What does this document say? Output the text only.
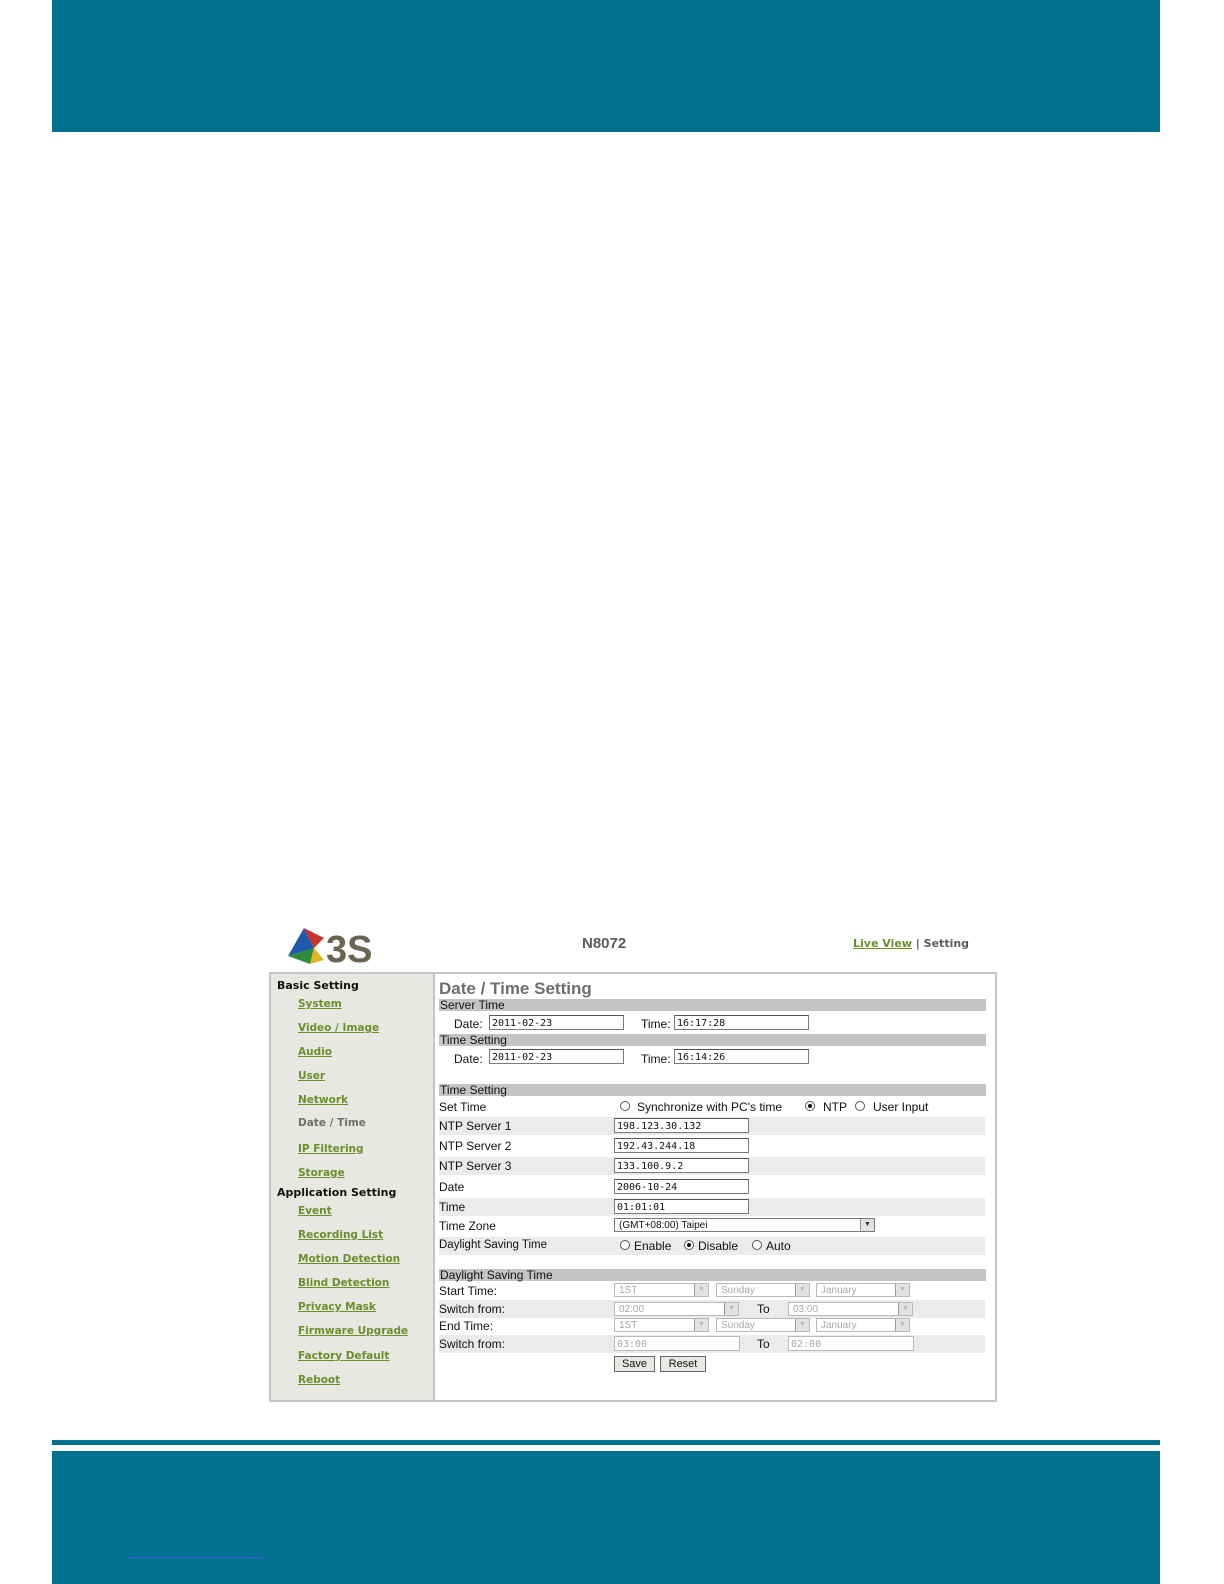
3S	N8072	Live View | Setting
Basic Setting
System
Video / Image
Audio
User
Network
Date / Time
IP Filtering
Storage
Application Setting
Event
Recording List
Motion Detection
Blind Detection
Privacy Mask
Firmware Upgrade
Factory Default
Reboot
Date / Time Setting
Server Time
Date: 2011-02-23	Time: 16:17:28
Time Setting
Date: 2011-02-23	Time: 16:14:26
Time Setting
Set Time	Synchronize with PC's time	NTP User Input
NTP Server 1	198.123.30.132
NTP Server 2	192.43.244.18
NTP Server 3	133.100.9.2
Date	2006-10-24
Time	01:01:01
Time Zone	(GMT+08:00) Taipei	▼
Daylight Saving Time	Enable Disable Auto
Daylight Saving Time
Start Time:	1ST	▼	Sunday	▼	January	▼
Switch from:	02:00	▼ To	03:00	▼
End Time:	1ST	▼	Sunday	▼	January	▼
Switch from:	03:00	To	02:00
Save	Reset
